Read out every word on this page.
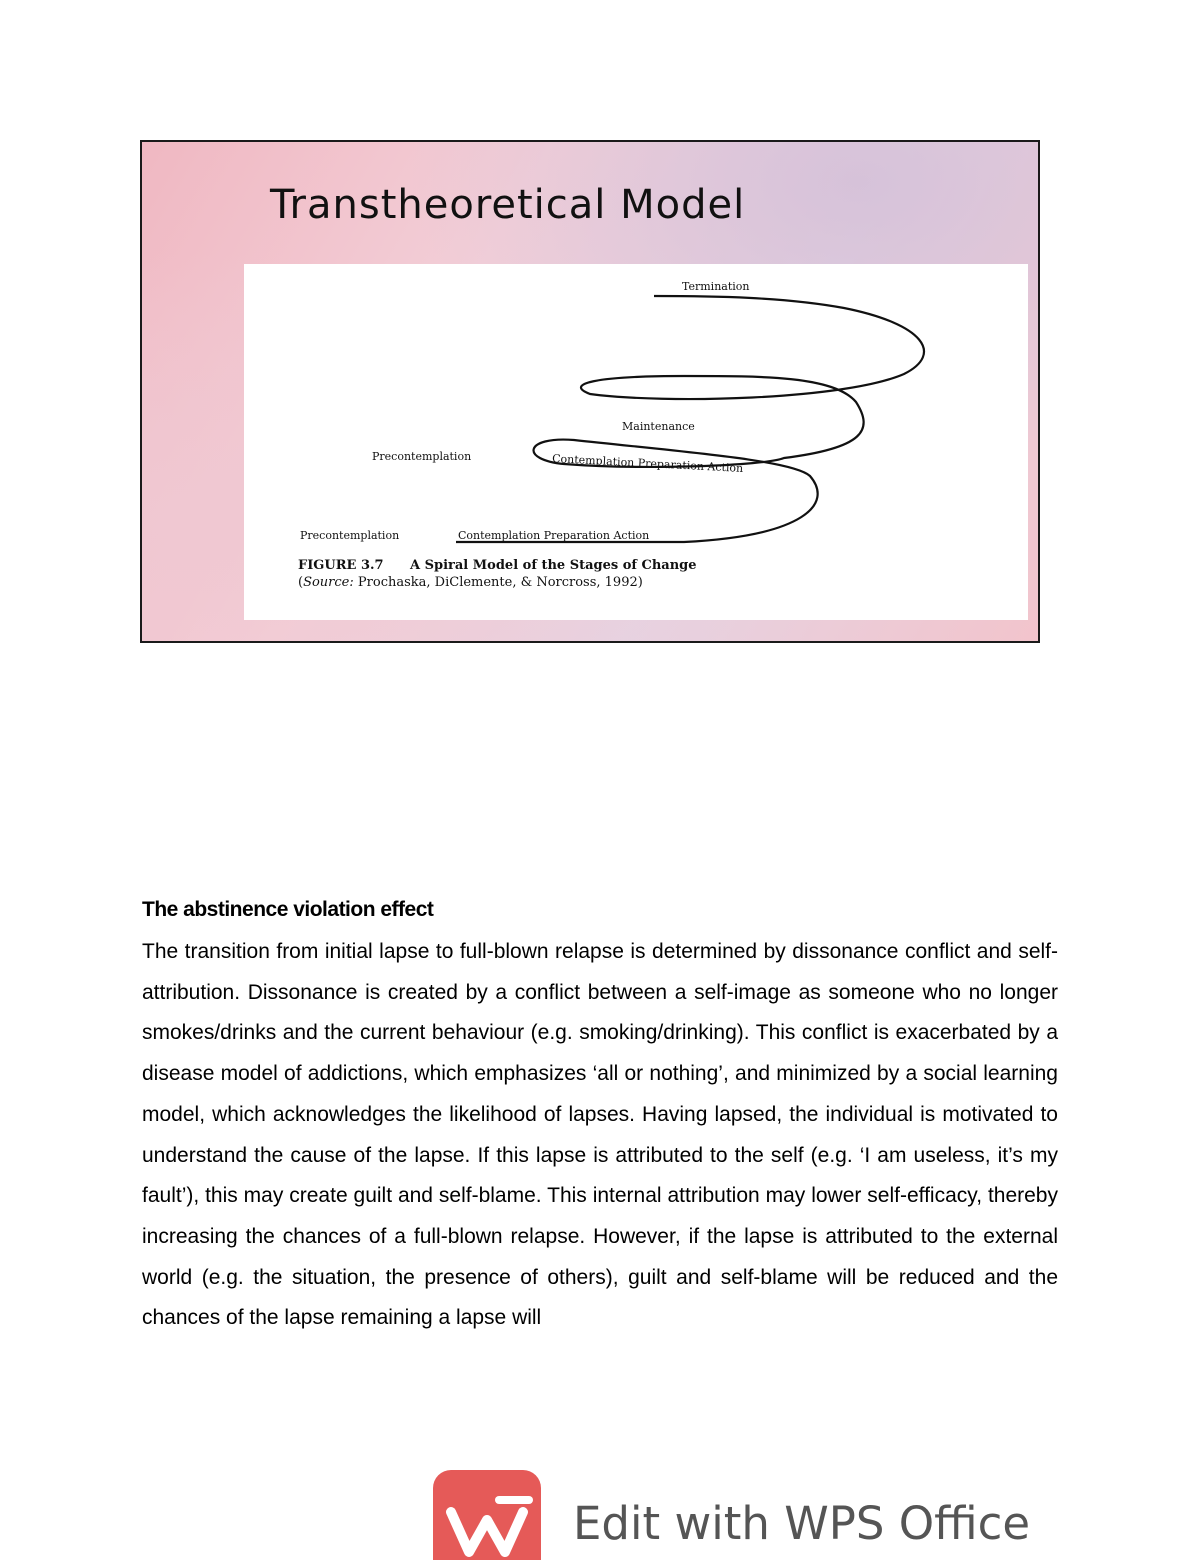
Transtheoretical Model
Termination
Maintenance
Precontemplation	Contemplation Preparation Action
Precontemplation	Contemplation Preparation Action
FIGURE 3.7 A Spiral Model of the Stages of Change
(Source: Prochaska, DiClemente, & Norcross, 1992)
The abstinence violation effect

The transition from initial lapse to full-blown relapse is determined by dissonance conflict and self-attribution. Dissonance is created by a conflict between a self-image as someone who no longer smokes/drinks and the current behaviour (e.g. smoking/drinking). This conflict is exacerbated by a disease model of addictions, which emphasizes ‘all or nothing’, and minimized by a social learning model, which acknowledges the likelihood of lapses. Having lapsed, the individual is motivated to understand the cause of the lapse. If this lapse is attributed to the self (e.g. ‘I am useless, it’s my fault’), this may create guilt and self-blame. This internal attribution may lower self-efficacy, thereby increasing the chances of a full-blown relapse. However, if the lapse is attributed to the external world (e.g. the situation, the presence of others), guilt and self-blame will be reduced and the chances of the lapse remaining a lapse will

Edit with WPS Office
